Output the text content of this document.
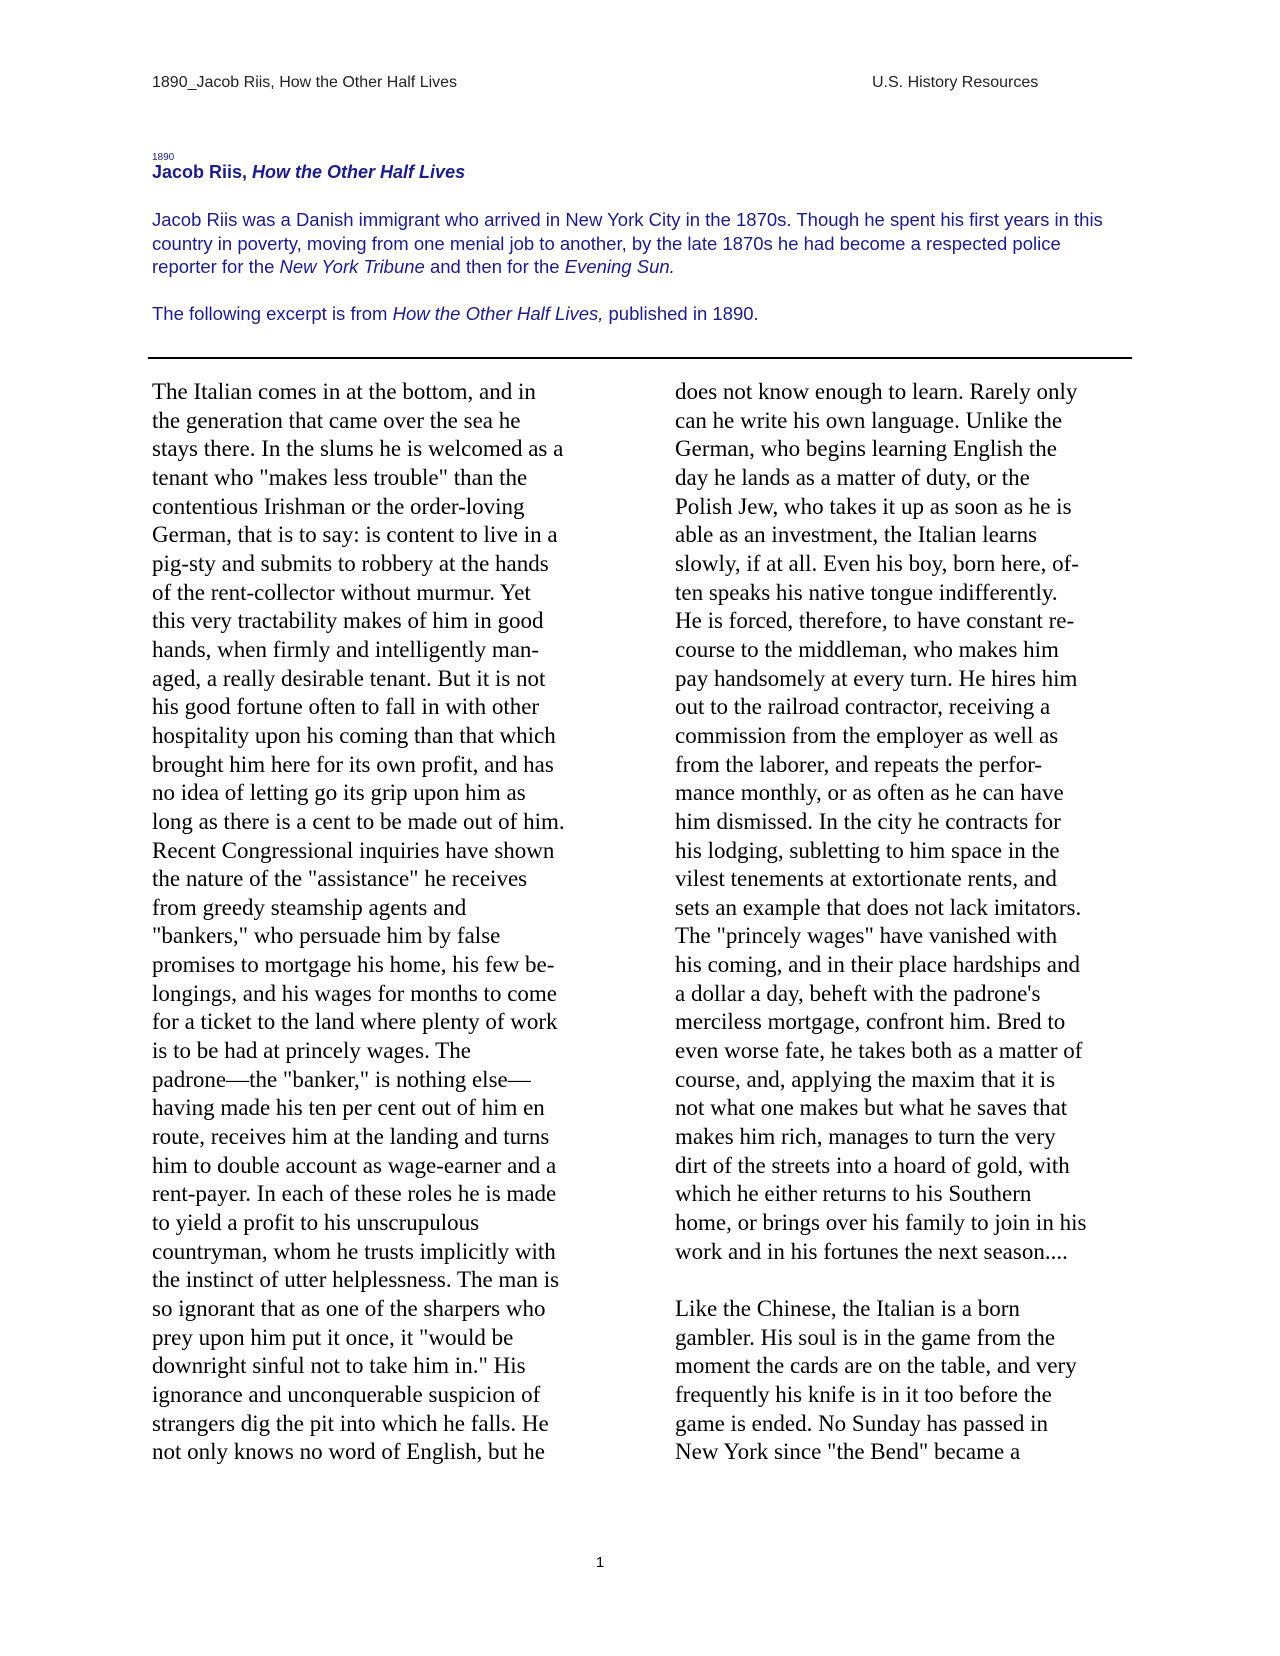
1890_Jacob Riis, How the Other Half Lives	U.S. History Resources
1890
Jacob Riis, How the Other Half Lives

Jacob Riis was a Danish immigrant who arrived in New York City in the 1870s. Though he spent his first years in this country in poverty, moving from one menial job to another, by the late 1870s he had become a respected police reporter for the New York Tribune and then for the Evening Sun.

The following excerpt is from How the Other Half Lives, published in 1890.

The Italian comes in at the bottom, and in
the generation that came over the sea he
stays there. In the slums he is welcomed as a
tenant who "makes less trouble" than the
contentious Irishman or the order-loving
German, that is to say: is content to live in a
pig-sty and submits to robbery at the hands
of the rent-collector without murmur. Yet
this very tractability makes of him in good
hands, when firmly and intelligently man-
aged, a really desirable tenant. But it is not
his good fortune often to fall in with other
hospitality upon his coming than that which
brought him here for its own profit, and has
no idea of letting go its grip upon him as
long as there is a cent to be made out of him.
Recent Congressional inquiries have shown
the nature of the "assistance" he receives
from greedy steamship agents and
"bankers," who persuade him by false
promises to mortgage his home, his few be-
longings, and his wages for months to come
for a ticket to the land where plenty of work
is to be had at princely wages. The
padrone—the "banker," is nothing else—
having made his ten per cent out of him en
route, receives him at the landing and turns
him to double account as wage-earner and a
rent-payer. In each of these roles he is made
to yield a profit to his unscrupulous
countryman, whom he trusts implicitly with
the instinct of utter helplessness. The man is
so ignorant that as one of the sharpers who
prey upon him put it once, it "would be
downright sinful not to take him in." His
ignorance and unconquerable suspicion of
strangers dig the pit into which he falls. He
not only knows no word of English, but he
does not know enough to learn. Rarely only
can he write his own language. Unlike the
German, who begins learning English the
day he lands as a matter of duty, or the
Polish Jew, who takes it up as soon as he is
able as an investment, the Italian learns
slowly, if at all. Even his boy, born here, of-
ten speaks his native tongue indifferently.
He is forced, therefore, to have constant re-
course to the middleman, who makes him
pay handsomely at every turn. He hires him
out to the railroad contractor, receiving a
commission from the employer as well as
from the laborer, and repeats the perfor-
mance monthly, or as often as he can have
him dismissed. In the city he contracts for
his lodging, subletting to him space in the
vilest tenements at extortionate rents, and
sets an example that does not lack imitators.
The "princely wages" have vanished with
his coming, and in their place hardships and
a dollar a day, beheft with the padrone's
merciless mortgage, confront him. Bred to
even worse fate, he takes both as a matter of
course, and, applying the maxim that it is
not what one makes but what he saves that
makes him rich, manages to turn the very
dirt of the streets into a hoard of gold, with
which he either returns to his Southern
home, or brings over his family to join in his
work and in his fortunes the next season....
Like the Chinese, the Italian is a born
gambler. His soul is in the game from the
moment the cards are on the table, and very
frequently his knife is in it too before the
game is ended. No Sunday has passed in
New York since "the Bend" became a
1
